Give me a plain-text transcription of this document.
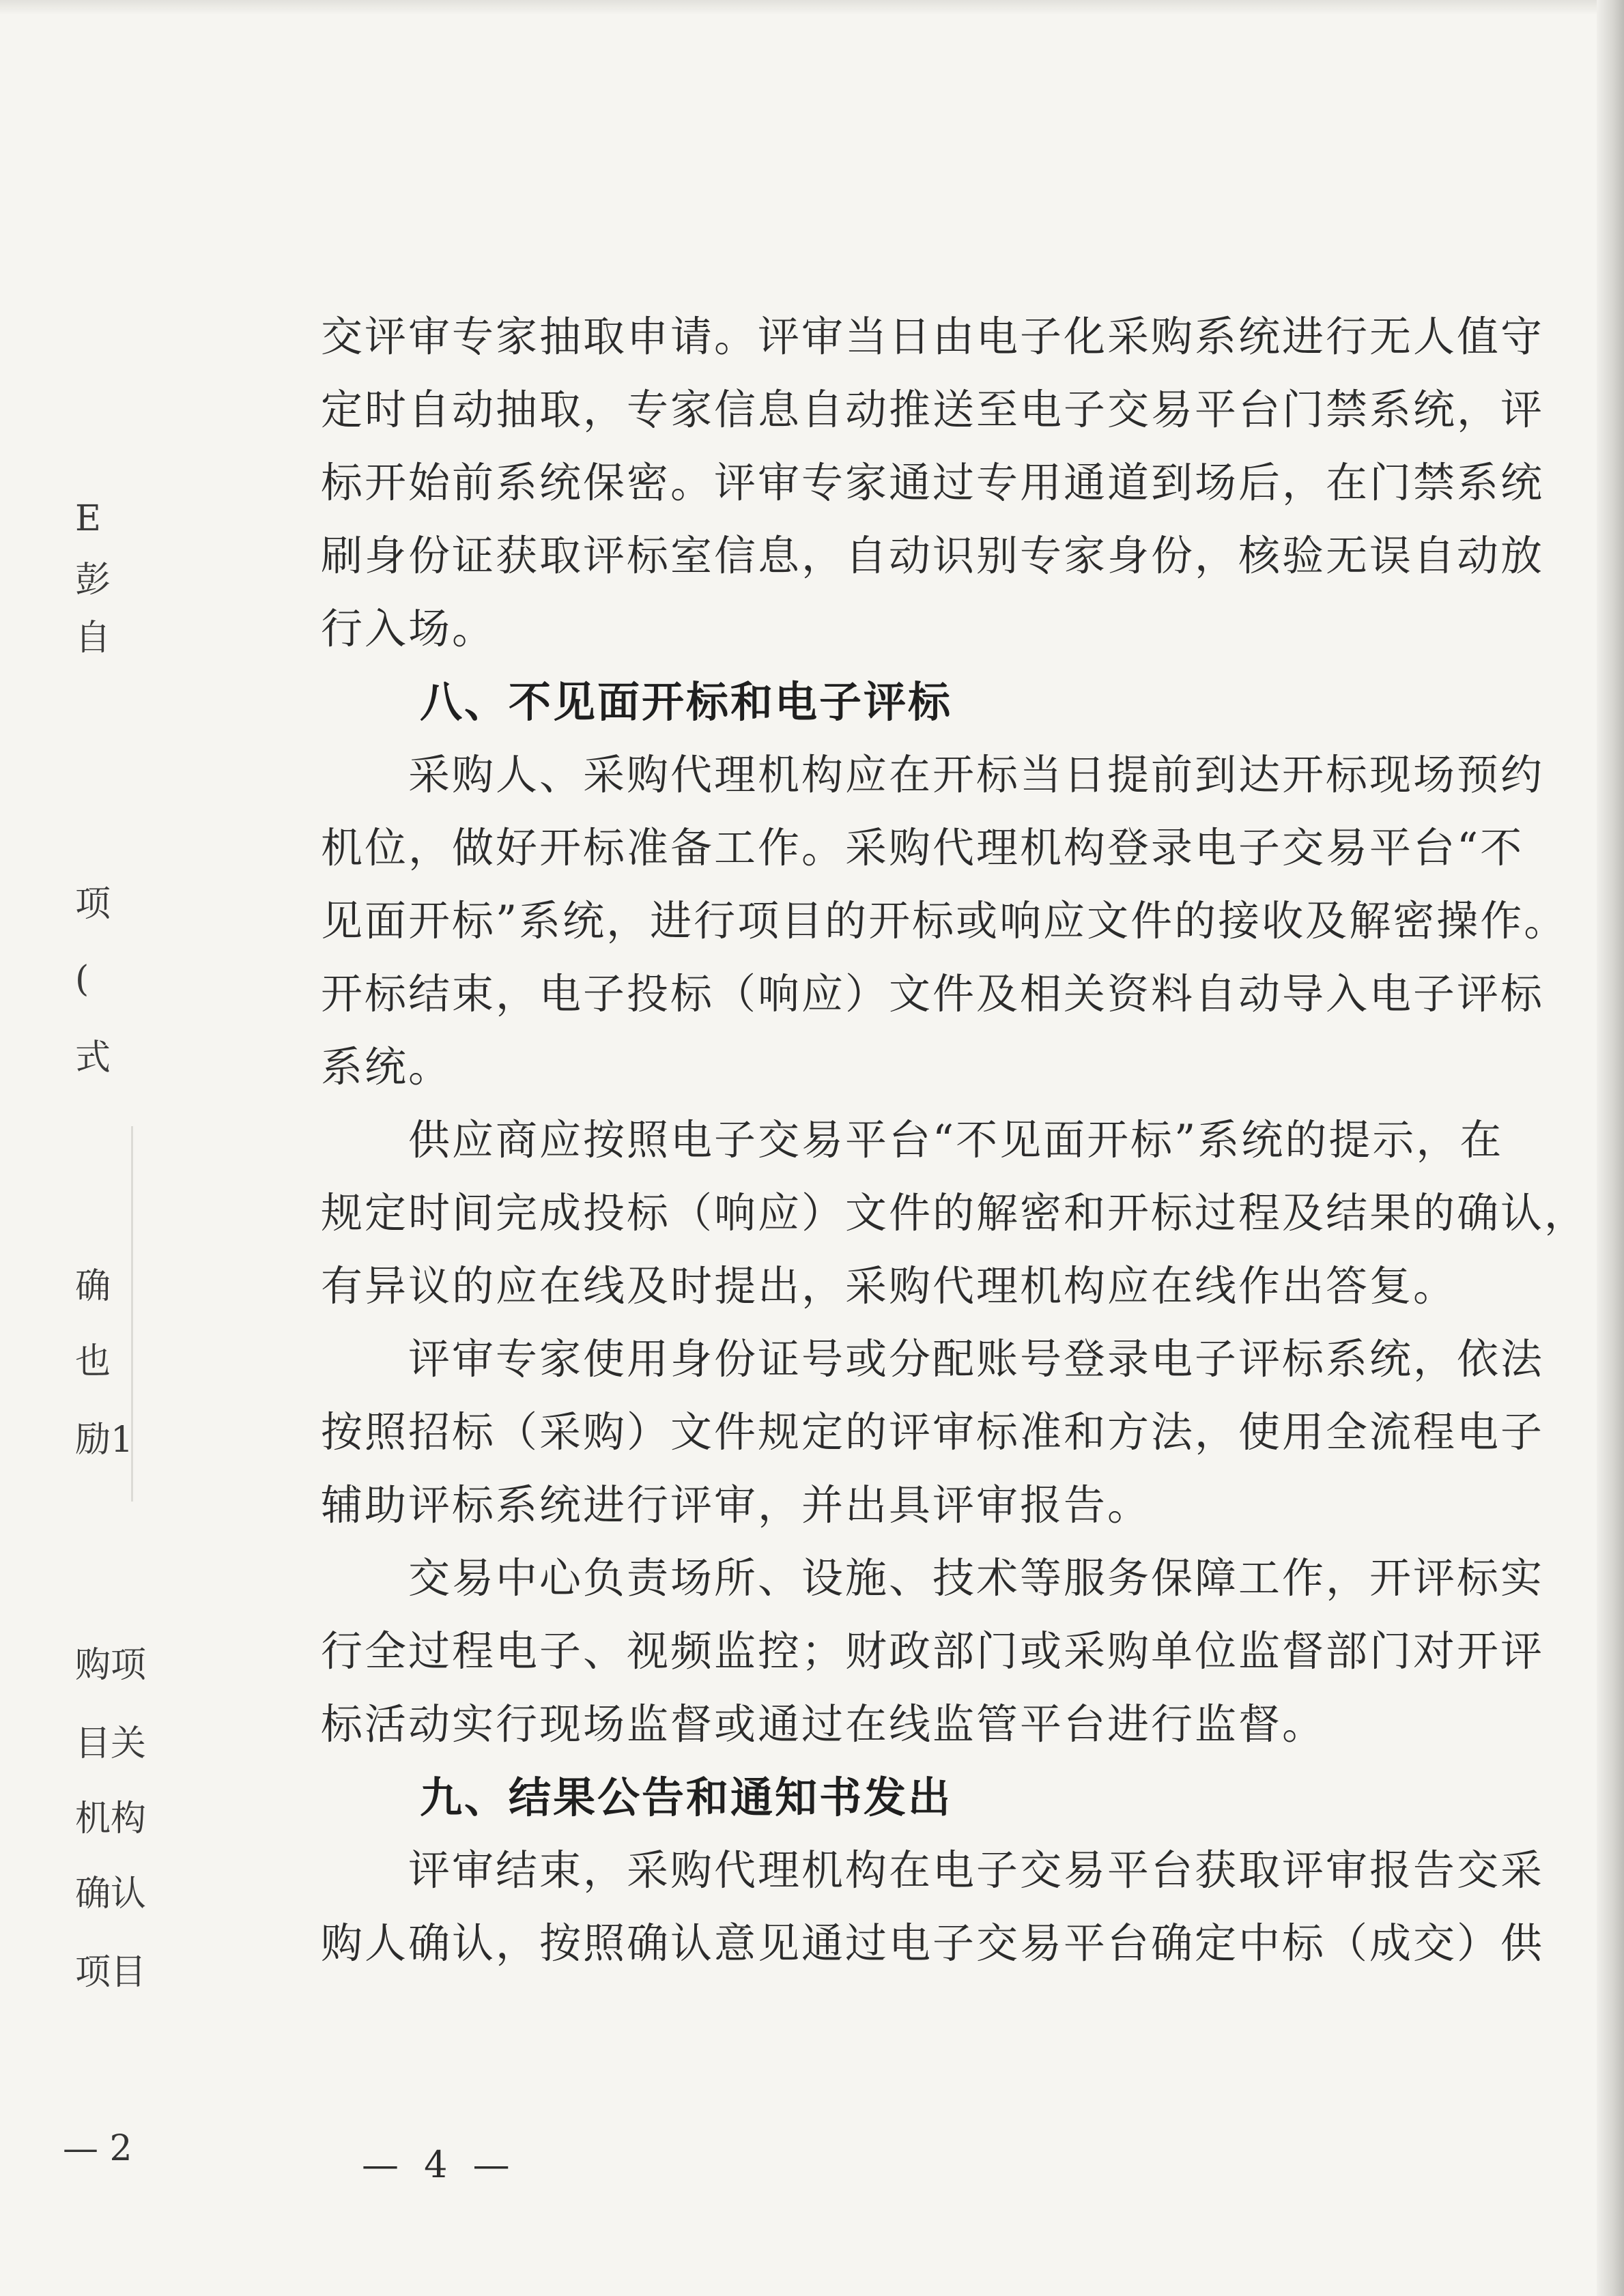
E
彭
自
项
(
式
确
也
励1
购项
目关
机构
确认
项目
— 2
交评审专家抽取申请。评审当日由电子化采购系统进行无人值守
定时自动抽取，专家信息自动推送至电子交易平台门禁系统，评
标开始前系统保密。评审专家通过专用通道到场后，在门禁系统
刷身份证获取评标室信息，自动识别专家身份，核验无误自动放
行入场。
八、不见面开标和电子评标
采购人、采购代理机构应在开标当日提前到达开标现场预约
机位，做好开标准备工作。采购代理机构登录电子交易平台“不
见面开标”系统，进行项目的开标或响应文件的接收及解密操作。
开标结束，电子投标（响应）文件及相关资料自动导入电子评标
系统。
供应商应按照电子交易平台“不见面开标”系统的提示，在
规定时间完成投标（响应）文件的解密和开标过程及结果的确认，
有异议的应在线及时提出，采购代理机构应在线作出答复。
评审专家使用身份证号或分配账号登录电子评标系统，依法
按照招标（采购）文件规定的评审标准和方法，使用全流程电子
辅助评标系统进行评审，并出具评审报告。
交易中心负责场所、设施、技术等服务保障工作，开评标实
行全过程电子、视频监控；财政部门或采购单位监督部门对开评
标活动实行现场监督或通过在线监管平台进行监督。
九、结果公告和通知书发出
评审结束，采购代理机构在电子交易平台获取评审报告交采
购人确认，按照确认意见通过电子交易平台确定中标（成交）供
— 4 —
